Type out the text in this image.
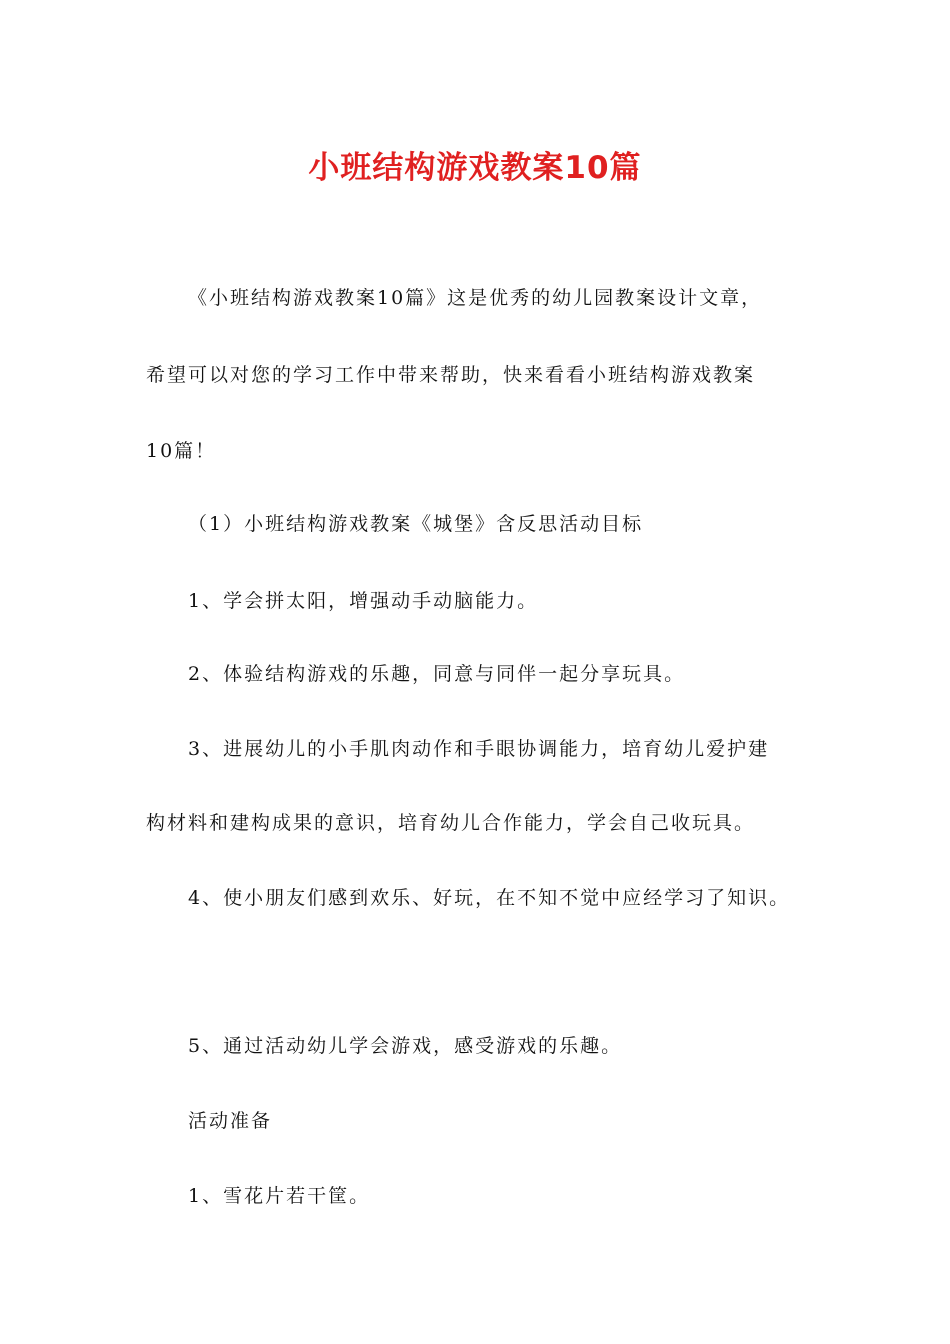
小班结构游戏教案10篇
《小班结构游戏教案10篇》这是优秀的幼儿园教案设计文章，
希望可以对您的学习工作中带来帮助，快来看看小班结构游戏教案
10篇！
（1）小班结构游戏教案《城堡》含反思活动目标
1、学会拼太阳，增强动手动脑能力。
2、体验结构游戏的乐趣，同意与同伴一起分享玩具。
3、进展幼儿的小手肌肉动作和手眼协调能力，培育幼儿爱护建
构材料和建构成果的意识，培育幼儿合作能力，学会自己收玩具。
4、使小朋友们感到欢乐、好玩，在不知不觉中应经学习了知识。
5、通过活动幼儿学会游戏，感受游戏的乐趣。
活动准备
1、雪花片若干筐。
